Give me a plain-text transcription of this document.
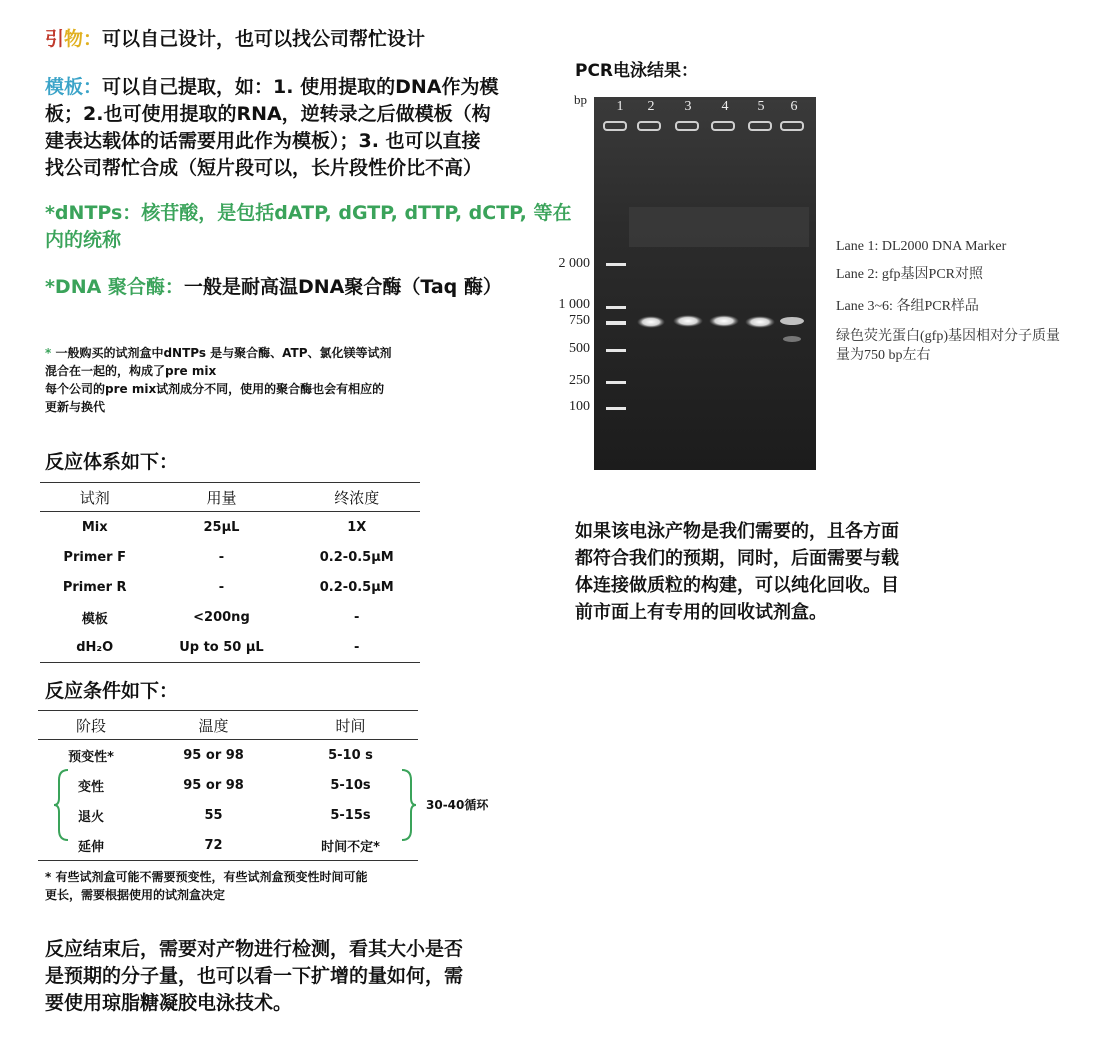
引物：可以自己设计，也可以找公司帮忙设计
模板：可以自己提取，如：1. 使用提取的DNA作为模
板；2.也可使用提取的RNA，逆转录之后做模板（构
建表达载体的话需要用此作为模板）；3. 也可以直接
找公司帮忙合成（短片段可以，长片段性价比不高）
*dNTPs：核苷酸，是包括dATP, dGTP, dTTP, dCTP, 等在
内的统称
*DNA 聚合酶：一般是耐高温DNA聚合酶（Taq 酶）
* 一般购买的试剂盒中dNTPs 是与聚合酶、ATP、氯化镁等试剂
混合在一起的，构成了pre mix
每个公司的pre mix试剂成分不同，使用的聚合酶也会有相应的
更新与换代
反应体系如下：
试剂	用量	终浓度
Mix	25μL	1X
Primer F	-	0.2-0.5μM
Primer R	-	0.2-0.5μM
模板	<200ng	-
dH₂O	Up to 50 μL	-
反应条件如下：
阶段	温度	时间
预变性*	95 or 98	5-10 s
变性	95 or 98	5-10s
退火	55	5-15s
延伸	72	时间不定*
30-40循环
* 有些试剂盒可能不需要预变性，有些试剂盒预变性时间可能
更长，需要根据使用的试剂盒决定
反应结束后，需要对产物进行检测，看其大小是否
是预期的分子量，也可以看一下扩增的量如何，需
要使用琼脂糖凝胶电泳技术。
PCR电泳结果：
bp
2 000
1 000
750
500
250
100
1	2	3	4	5	6
Lane 1: DL2000 DNA Marker
Lane 2: gfp基因PCR对照
Lane 3~6: 各组PCR样品
绿色荧光蛋白(gfp)基因相对分子质量
量为750 bp左右
如果该电泳产物是我们需要的，且各方面
都符合我们的预期，同时，后面需要与载
体连接做质粒的构建，可以纯化回收。目
前市面上有专用的回收试剂盒。
